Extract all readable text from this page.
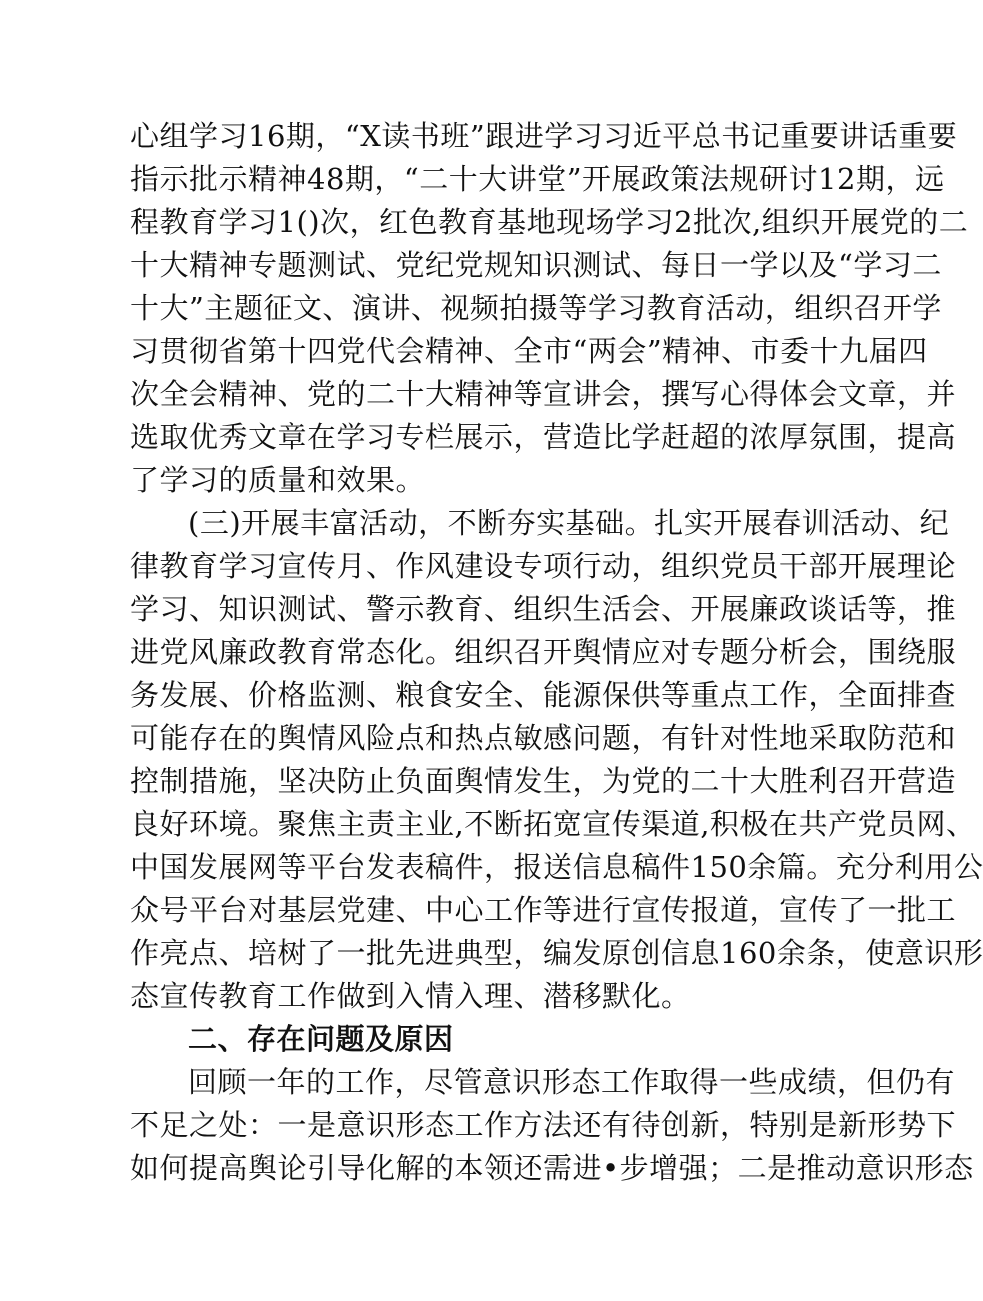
心组学习16期，“X读书班”跟进学习习近平总书记重要讲话重要
指示批示精神48期，“二十大讲堂”开展政策法规研讨12期，远
程教育学习1()次，红色教育基地现场学习2批次,组织开展党的二
十大精神专题测试、党纪党规知识测试、每日一学以及“学习二
十大”主题征文、演讲、视频拍摄等学习教育活动，组织召开学
习贯彻省第十四党代会精神、全市“两会”精神、市委十九届四
次全会精神、党的二十大精神等宣讲会，撰写心得体会文章，并
选取优秀文章在学习专栏展示，营造比学赶超的浓厚氛围，提高
了学习的质量和效果。
(三)开展丰富活动，不断夯实基础。扎实开展春训活动、纪
律教育学习宣传月、作风建设专项行动，组织党员干部开展理论
学习、知识测试、警示教育、组织生活会、开展廉政谈话等，推
进党风廉政教育常态化。组织召开舆情应对专题分析会，围绕服
务发展、价格监测、粮食安全、能源保供等重点工作，全面排查
可能存在的舆情风险点和热点敏感问题，有针对性地采取防范和
控制措施，坚决防止负面舆情发生，为党的二十大胜利召开营造
良好环境。聚焦主责主业,不断拓宽宣传渠道,积极在共产党员网、
中国发展网等平台发表稿件，报送信息稿件150余篇。充分利用公
众号平台对基层党建、中心工作等进行宣传报道，宣传了一批工
作亮点、培树了一批先进典型，编发原创信息160余条，使意识形
态宣传教育工作做到入情入理、潜移默化。
二、存在问题及原因
回顾一年的工作，尽管意识形态工作取得一些成绩，但仍有
不足之处：一是意识形态工作方法还有待创新，特别是新形势下
如何提高舆论引导化解的本领还需进•步增强；二是推动意识形态
